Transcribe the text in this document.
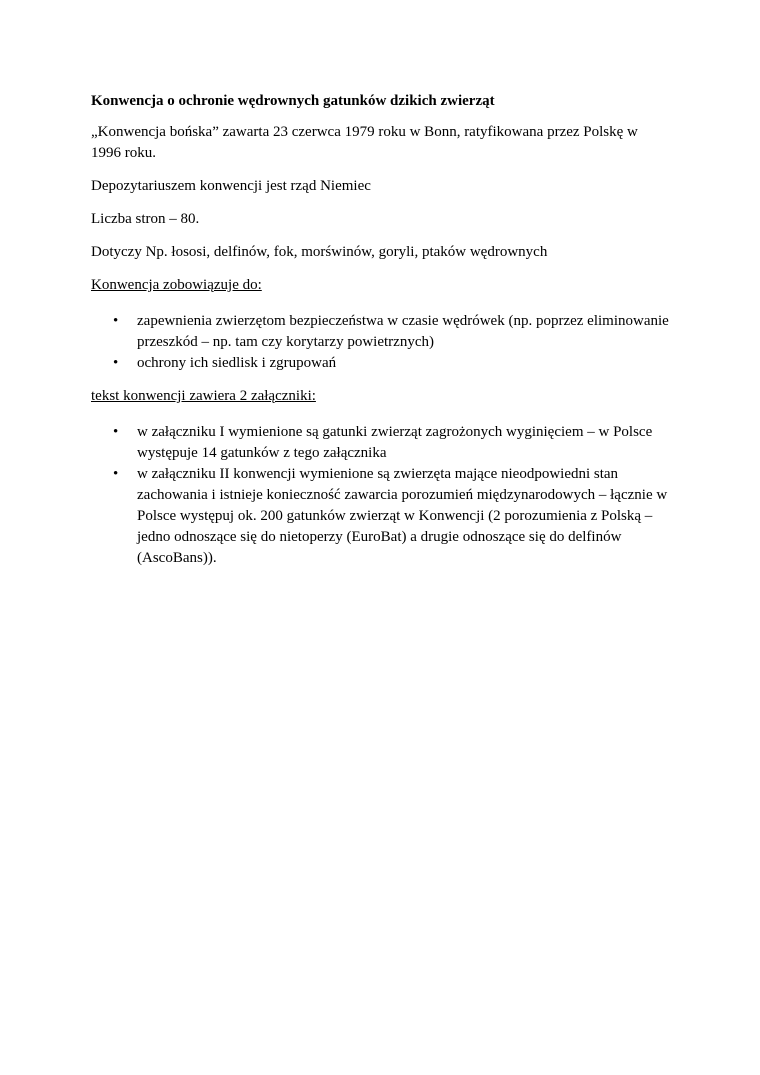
Konwencja o ochronie wędrownych gatunków dzikich zwierząt

„Konwencja bońska” zawarta 23 czerwca 1979 roku w Bonn, ratyfikowana przez Polskę w 1996 roku.

Depozytariuszem konwencji jest rząd Niemiec

Liczba stron – 80.

Dotyczy Np. łososi, delfinów, fok, morświnów, goryli, ptaków wędrownych

Konwencja zobowiązuje do:
• zapewnienia zwierzętom bezpieczeństwa w czasie wędrówek (np. poprzez eliminowanie przeszkód – np. tam czy korytarzy powietrznych)
• ochrony ich siedlisk i zgrupowań
tekst konwencji zawiera 2 załączniki:
• w załączniku I wymienione są gatunki zwierząt zagrożonych wyginięciem – w Polsce występuje 14 gatunków z tego załącznika
• w załączniku II konwencji wymienione są zwierzęta mające nieodpowiedni stan zachowania i istnieje konieczność zawarcia porozumień międzynarodowych – łącznie w Polsce występuj ok. 200 gatunków zwierząt w Konwencji (2 porozumienia z Polską – jedno odnoszące się do nietoperzy (EuroBat) a drugie odnoszące się do delfinów (AscoBans)).
